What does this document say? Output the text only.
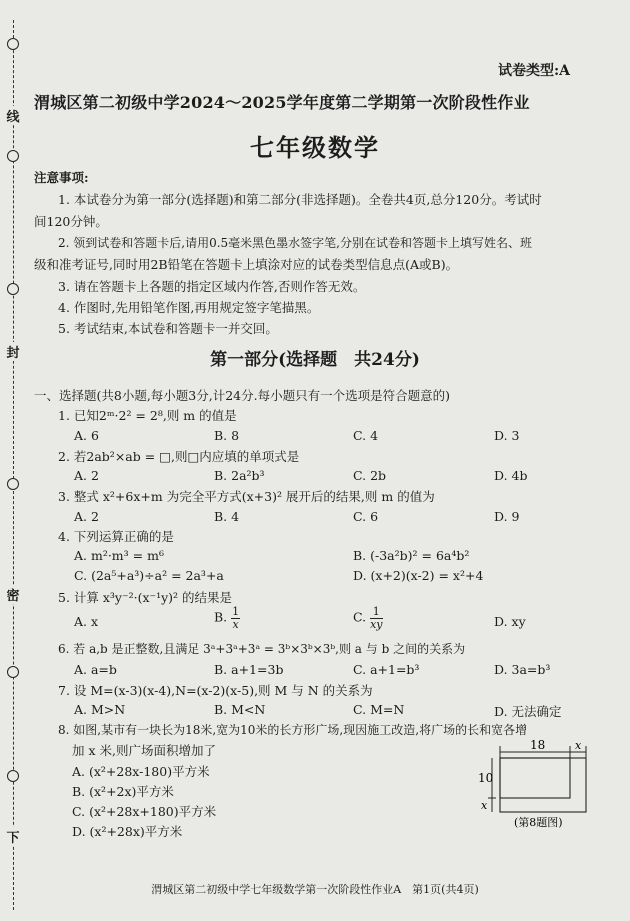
线
封
密
下
试卷类型:A
渭城区第二初级中学2024～2025学年度第二学期第一次阶段性作业
七年级数学
注意事项:
1. 本试卷分为第一部分(选择题)和第二部分(非选择题)。全卷共4页,总分120分。考试时
间120分钟。
2. 领到试卷和答题卡后,请用0.5毫米黑色墨水签字笔,分别在试卷和答题卡上填写姓名、班
级和准考证号,同时用2B铅笔在答题卡上填涂对应的试卷类型信息点(A或B)。
3. 请在答题卡上各题的指定区域内作答,否则作答无效。
4. 作图时,先用铅笔作图,再用规定签字笔描黑。
5. 考试结束,本试卷和答题卡一并交回。
第一部分(选择题　共24分)
一、选择题(共8小题,每小题3分,计24分.每小题只有一个选项是符合题意的)
1. 已知2ᵐ·2² = 2⁸,则 m 的值是
A. 6	B. 8	C. 4	D. 3
2. 若2ab²×ab = □,则□内应填的单项式是
A. 2	B. 2a²b³	C. 2b	D. 4b
3. 整式 x²+6x+m 为完全平方式(x+3)² 展开后的结果,则 m 的值为
A. 2	B. 4	C. 6	D. 9
4. 下列运算正确的是
A. m²·m³ = m⁶	B. (-3a²b)² = 6a⁴b²
C. (2a⁵+a³)÷a² = 2a³+a	D. (x+2)(x-2) = x²+4
5. 计算 x³y⁻²·(x⁻¹y)² 的结果是
A. x	B. $\frac{1}{x}$	C. $\frac{1}{xy}$	D. xy
6. 若 a,b 是正整数,且满足 3ᵃ+3ᵃ+3ᵃ = 3ᵇ×3ᵇ×3ᵇ,则 a 与 b 之间的关系为
A. a=b	B. a+1=3b	C. a+1=b³	D. 3a=b³
7. 设 M=(x-3)(x-4),N=(x-2)(x-5),则 M 与 N 的关系为
A. M>N	B. M<N	C. M=N	D. 无法确定
8. 如图,某市有一块长为18米,宽为10米的长方形广场,现因施工改造,将广场的长和宽各增
加 x 米,则广场面积增加了
A. (x²+28x-180)平方米
B. (x²+2x)平方米
C. (x²+28x+180)平方米
D. (x²+28x)平方米
18	x
10
x
(第8题图)
渭城区第二初级中学七年级数学第一次阶段性作业A　第1页(共4页)
